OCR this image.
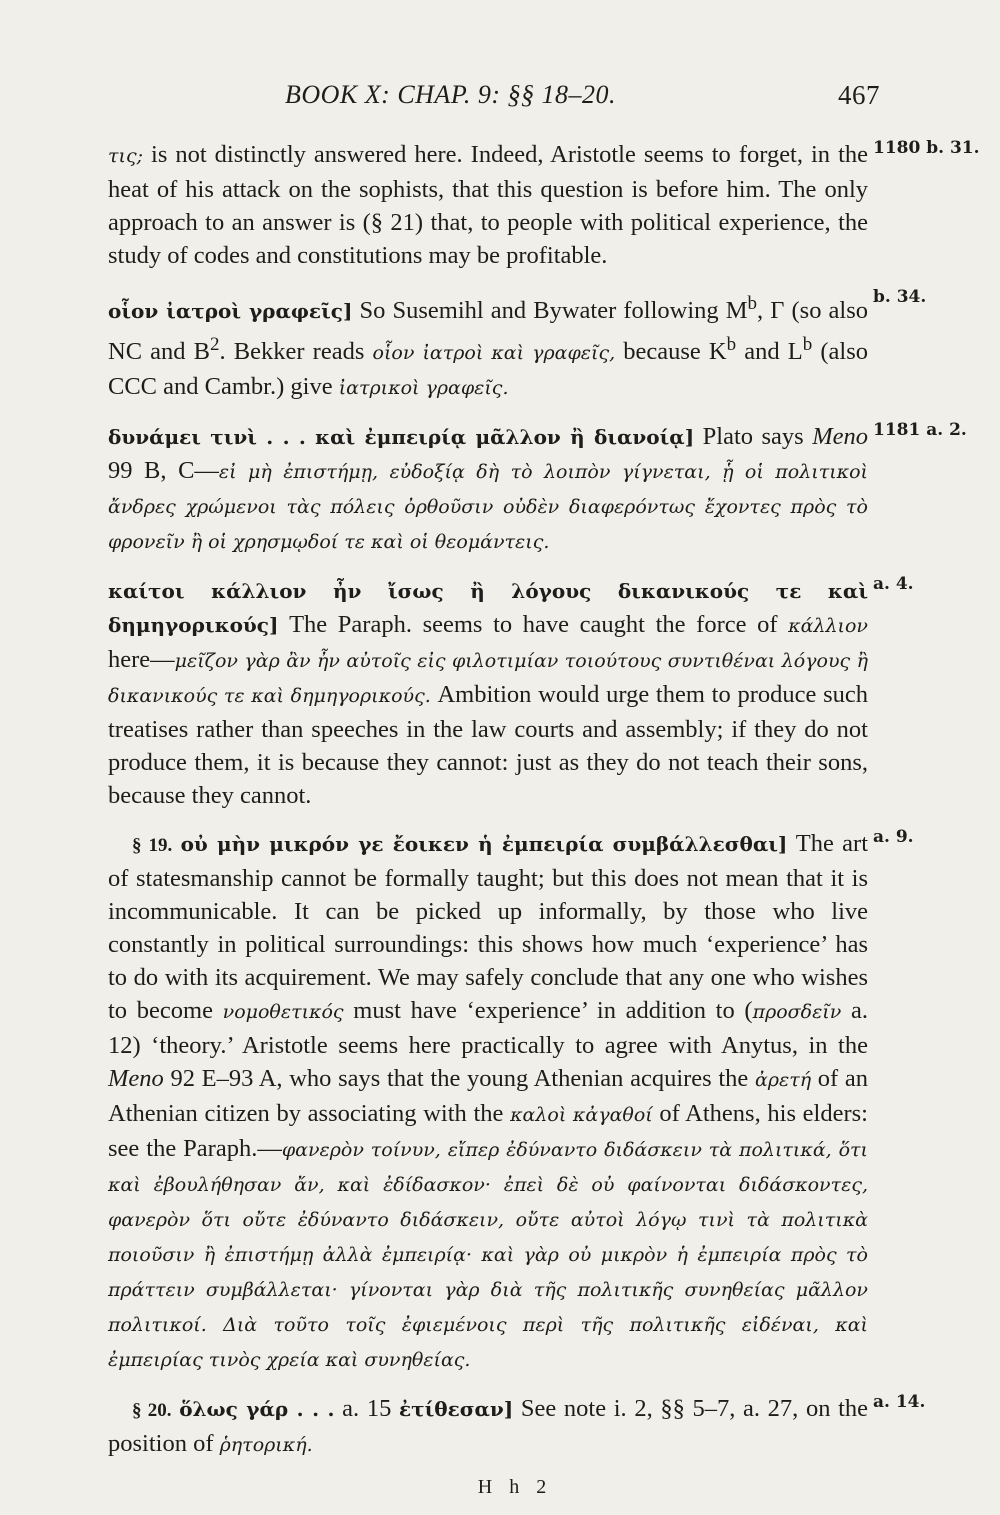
BOOK X: CHAP. 9: §§ 18–20.	467

τις; is not distinctly answered here. Indeed, Aristotle seems to forget, in the heat of his attack on the sophists, that this question is before him. The only approach to an answer is (§ 21) that, to people with political experience, the study of codes and constitutions may be profitable.

1180 b. 31.

οἷον ἰατροὶ γραφεῖς] So Susemihl and Bywater following $M^b$, Γ (so also NC and $B^2$. Bekker reads οἷον ἰατροὶ καὶ γραφεῖς, because $K^b$ and $L^b$ (also CCC and Cambr.) give ἰατρικοὶ γραφεῖς.

b. 34.

δυνάμει τινὶ . . . καὶ ἐμπειρίᾳ μᾶλλον ἢ διανοίᾳ] Plato says Meno 99 B, C—εἰ μὴ ἐπιστήμῃ, εὐδοξίᾳ δὴ τὸ λοιπὸν γίγνεται, ᾗ οἱ πολιτικοὶ ἄνδρες χρώμενοι τὰς πόλεις ὀρθοῦσιν οὐδὲν διαφερόντως ἔχοντες πρὸς τὸ φρονεῖν ἢ οἱ χρησμῳδοί τε καὶ οἱ θεομάντεις.

1181 a. 2.

καίτοι κάλλιον ἦν ἴσως ἢ λόγους δικανικούς τε καὶ δημηγορικούς] The Paraph. seems to have caught the force of κάλλιον here—μεῖζον γὰρ ἂν ἦν αὐτοῖς εἰς φιλοτιμίαν τοιούτους συντιθέναι λόγους ἢ δικανικούς τε καὶ δημηγορικούς. Ambition would urge them to produce such treatises rather than speeches in the law courts and assembly; if they do not produce them, it is because they cannot: just as they do not teach their sons, because they cannot.

a. 4.

§ 19. οὐ μὴν μικρόν γε ἔοικεν ἡ ἐμπειρία συμβάλλεσθαι] The art of statesmanship cannot be formally taught; but this does not mean that it is incommunicable. It can be picked up informally, by those who live constantly in political surroundings: this shows how much ‘experience’ has to do with its acquirement. We may safely conclude that any one who wishes to become νομοθετικός must have ‘experience’ in addition to (προσδεῖν a. 12) ‘theory.’ Aristotle seems here practically to agree with Anytus, in the Meno 92 E–93 A, who says that the young Athenian acquires the ἀρετή of an Athenian citizen by associating with the καλοὶ κἀγαθοί of Athens, his elders: see the Paraph.—φανερὸν τοίνυν, εἴπερ ἐδύναντο διδάσκειν τὰ πολιτικά, ὅτι καὶ ἐβουλήθησαν ἄν, καὶ ἐδίδασκον· ἐπεὶ δὲ οὐ φαίνονται διδάσκοντες, φανερὸν ὅτι οὔτε ἐδύναντο διδάσκειν, οὔτε αὐτοὶ λόγῳ τινὶ τὰ πολιτικὰ ποιοῦσιν ἢ ἐπιστήμῃ ἀλλὰ ἐμπειρίᾳ· καὶ γὰρ οὐ μικρὸν ἡ ἐμπειρία πρὸς τὸ πράττειν συμβάλλεται· γίνονται γὰρ διὰ τῆς πολιτικῆς συνηθείας μᾶλλον πολιτικοί. Διὰ τοῦτο τοῖς ἐφιεμένοις περὶ τῆς πολιτικῆς εἰδέναι, καὶ ἐμπειρίας τινὸς χρεία καὶ συνηθείας.

a. 9.

§ 20. ὅλως γάρ . . . a. 15 ἐτίθεσαν] See note i. 2, §§ 5–7, a. 27, on the position of ῥητορική.

a. 14.
H h 2
